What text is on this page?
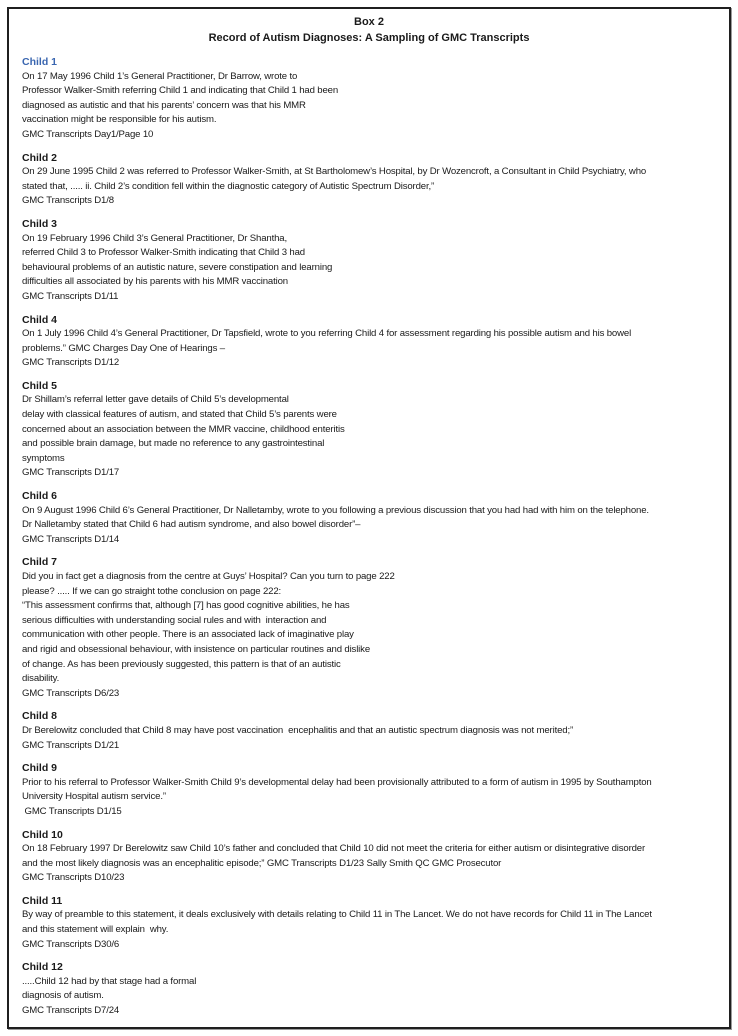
Box 2
Record of Autism Diagnoses: A Sampling of GMC Transcripts
Child 1
On 17 May 1996 Child 1’s General Practitioner, Dr Barrow, wrote to
Professor Walker-Smith referring Child 1 and indicating that Child 1 had been
diagnosed as autistic and that his parents’ concern was that his MMR
vaccination might be responsible for his autism.
GMC Transcripts Day1/Page 10
Child 2
On 29 June 1995 Child 2 was referred to Professor Walker-Smith, at St Bartholomew’s Hospital, by Dr Wozencroft, a Consultant in Child Psychiatry, who
stated that, ..... ii. Child 2’s condition fell within the diagnostic category of Autistic Spectrum Disorder,”
GMC Transcripts D1/8
Child 3
On 19 February 1996 Child 3’s General Practitioner, Dr Shantha,
referred Child 3 to Professor Walker-Smith indicating that Child 3 had
behavioural problems of an autistic nature, severe constipation and learning
difficulties all associated by his parents with his MMR vaccination
GMC Transcripts D1/11
Child 4
On 1 July 1996 Child 4’s General Practitioner, Dr Tapsfield, wrote to you referring Child 4 for assessment regarding his possible autism and his bowel
problems.” GMC Charges Day One of Hearings –
GMC Transcripts D1/12
Child 5
Dr Shillam’s referral letter gave details of Child 5’s developmental
delay with classical features of autism, and stated that Child 5’s parents were
concerned about an association between the MMR vaccine, childhood enteritis
and possible brain damage, but made no reference to any gastrointestinal
symptoms
GMC Transcripts D1/17
Child 6
On 9 August 1996 Child 6’s General Practitioner, Dr Nalletamby, wrote to you following a previous discussion that you had had with him on the telephone.
Dr Nalletamby stated that Child 6 had autism syndrome, and also bowel disorder”–
GMC Transcripts D1/14
Child 7
Did you in fact get a diagnosis from the centre at Guys’ Hospital? Can you turn to page 222
please? ..... If we can go straight tothe conclusion on page 222:
“This assessment confirms that, although [7] has good cognitive abilities, he has
serious difficulties with understanding social rules and with  interaction and
communication with other people. There is an associated lack of imaginative play
and rigid and obsessional behaviour, with insistence on particular routines and dislike
of change. As has been previously suggested, this pattern is that of an autistic
disability.
GMC Transcripts D6/23
Child 8
Dr Berelowitz concluded that Child 8 may have post vaccination  encephalitis and that an autistic spectrum diagnosis was not merited;”
GMC Transcripts D1/21
Child 9
Prior to his referral to Professor Walker-Smith Child 9’s developmental delay had been provisionally attributed to a form of autism in 1995 by Southampton
University Hospital autism service.”
GMC Transcripts D1/15
Child 10
On 18 February 1997 Dr Berelowitz saw Child 10’s father and concluded that Child 10 did not meet the criteria for either autism or disintegrative disorder
and the most likely diagnosis was an encephalitic episode;” GMC Transcripts D1/23 Sally Smith QC GMC Prosecutor
GMC Transcripts D10/23
Child 11
By way of preamble to this statement, it deals exclusively with details relating to Child 11 in The Lancet. We do not have records for Child 11 in The Lancet
and this statement will explain  why.
GMC Transcripts D30/6
Child 12
.....Child 12 had by that stage had a formal
diagnosis of autism.
GMC Transcripts D7/24
